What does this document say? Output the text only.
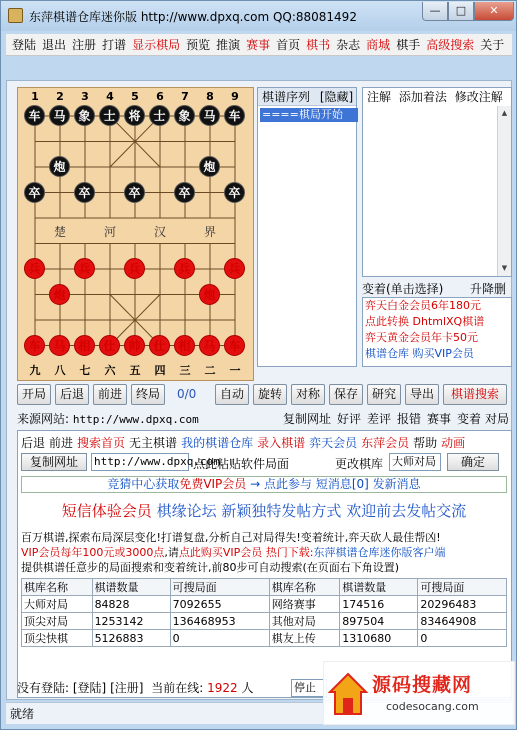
东萍棋谱仓库迷你版 http://www.dpxq.com QQ:88081492	—	□	✕
登陆 退出 注册 打谱 显示棋局 预览 推演 赛事 首页 棋书 杂志 商城 棋手 高级搜索 关于
1	2	3	4	5	6	7	8	9
九 八 七 六 五 四 三 二 一
楚	河	汉	界
车	马	象	士	将	士	象	马	车
炮	炮
卒	卒	卒	卒	卒
兵	兵	兵	兵	兵
炮	炮
车	马	相	仕	帅	仕	相	马	车
棋谱序列 [隐藏]
====棋局开始
注解 添加着法 修改注解
▲
▼
变着(单击选择) 升降删
弈天白金会员6年180元
点此转换 DhtmlXQ棋谱
弈天黄金会员年卡50元
棋谱仓库 购买VIP会员
开局	后退	前进	终局	0/0	自动	旋转	对称	保存	研究	导出	棋谱搜索
来源网站: http://www.dpxq.com	复制网址 好评 差评 报错 赛事 变着 对局
后退 前进 搜索首页 无主棋谱 我的棋谱仓库 录入棋谱 弈天会员 东萍会员 帮助 动画
复制网址	http://www.dpxq.com
点此粘贴软件局面	更改棋库 大师对局	确定
竞猜中心获取免费VIP会员 → 点此参与 短消息[0] 发新消息
短信体验会员 棋缘论坛 新颖独特发帖方式 欢迎前去发帖交流
百万棋谱,探索布局深层变化!打谱复盘,分析自己对局得失!变着统计,弈天砍人最佳帮凶!
VIP会员每年100元或3000点,请点此购买VIP会员 热门下载:东萍棋谱仓库迷你版客户端
提供棋谱任意步的局面搜索和变着统计,前80步可自动搜索(在页面右下角设置)
棋库名称	棋谱数量	可搜局面	棋库名称	棋谱数量	可搜局面
大师对局	84828	7092655	网络赛事	174516	20296483
顶尖对局	1253142	136468953	其他对局	897504	83464908
顶尖快棋	5126883	0	棋友上传	1310680	0
没有登陆: [登陆] [注册] 当前在线: 1922 人	停止
就绪
源码搜藏网
codesocang.com
